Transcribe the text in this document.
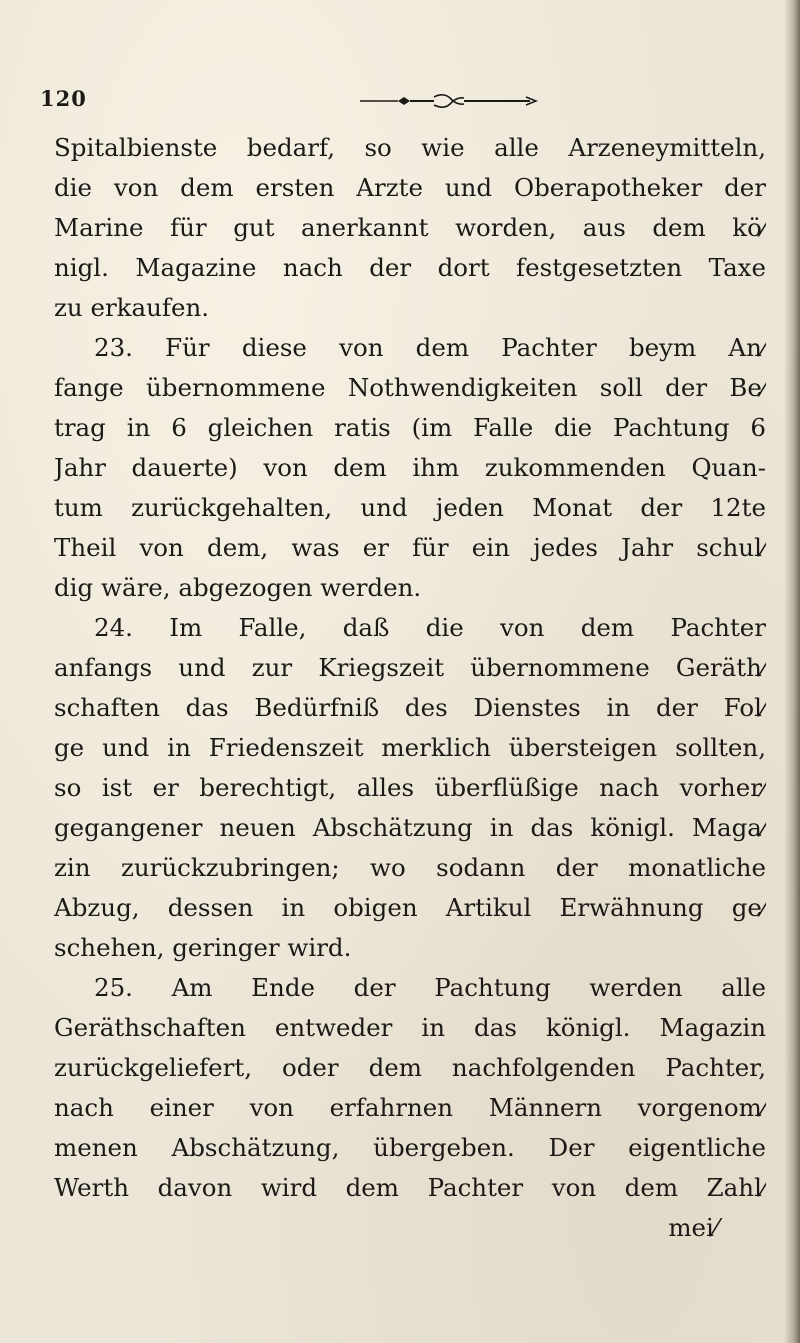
120
Spitalbienste bedarf, so wie alle Arzeneymitteln,
die von dem ersten Arzte und Oberapotheker der
Marine für gut anerkannt worden, aus dem kö⁄
nigl. Magazine nach der dort festgesetzten Taxe
zu erkaufen.
23. Für diese von dem Pachter beym An⁄
fange übernommene Nothwendigkeiten soll der Be⁄
trag in 6 gleichen ratis (im Falle die Pachtung 6
Jahr dauerte) von dem ihm zukommenden Quan-
tum zurückgehalten, und jeden Monat der 12te
Theil von dem, was er für ein jedes Jahr schul⁄
dig wäre, abgezogen werden.
24. Im Falle, daß die von dem Pachter
anfangs und zur Kriegszeit übernommene Geräth⁄
schaften das Bedürfniß des Dienstes in der Fol⁄
ge und in Friedenszeit merklich übersteigen sollten,
so ist er berechtigt, alles überflüßige nach vorher⁄
gegangener neuen Abschätzung in das königl. Maga⁄
zin zurückzubringen; wo sodann der monatliche
Abzug, dessen in obigen Artikul Erwähnung ge⁄
schehen, geringer wird.
25. Am Ende der Pachtung werden alle
Geräthschaften entweder in das königl. Magazin
zurückgeliefert, oder dem nachfolgenden Pachter,
nach einer von erfahrnen Männern vorgenom⁄
menen Abschätzung, übergeben. Der eigentliche
Werth davon wird dem Pachter von dem Zahl⁄
mei⁄
